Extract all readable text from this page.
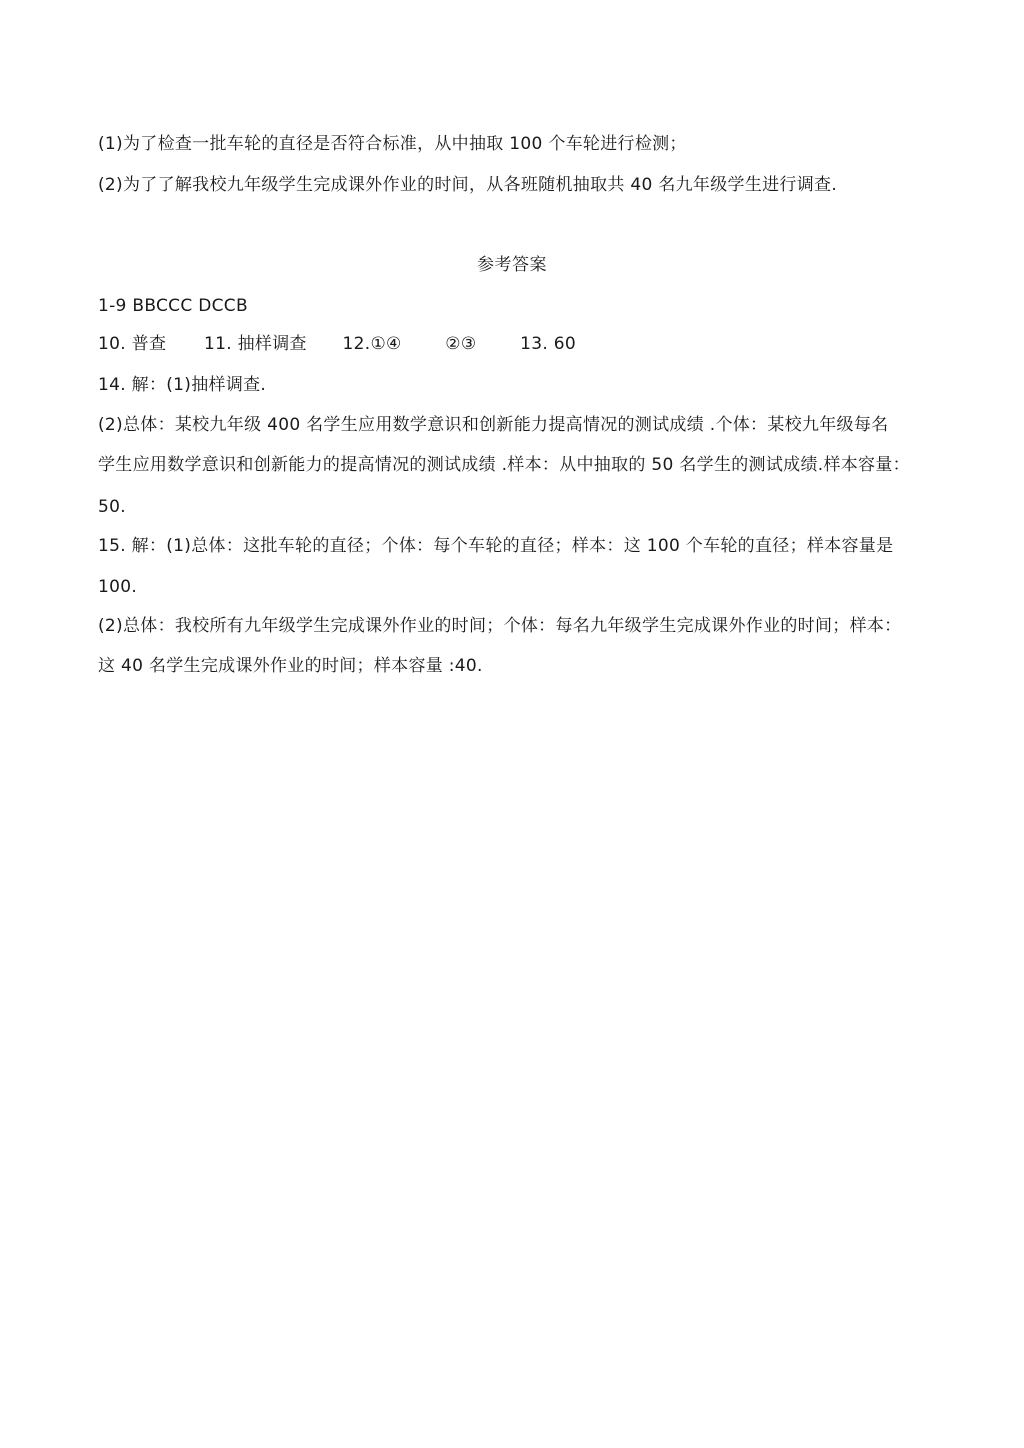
(1)为了检查一批车轮的直径是否符合标准，从中抽取 100 个车轮进行检测；
(2)为了了解我校九年级学生完成课外作业的时间，从各班随机抽取共 40 名九年级学生进行调查.
参考答案
1-9 BBCCC DCCB
10. 普查 11. 抽样调查 12.①④	②③	13. 60
14. 解：(1)抽样调查.
(2)总体：某校九年级 400 名学生应用数学意识和创新能力提高情况的测试成绩 .个体：某校九年级每名
学生应用数学意识和创新能力的提高情况的测试成绩 .样本：从中抽取的 50 名学生的测试成绩.样本容量：
50.
15. 解：(1)总体：这批车轮的直径；个体：每个车轮的直径；样本：这 100 个车轮的直径；样本容量是
100.
(2)总体：我校所有九年级学生完成课外作业的时间；个体：每名九年级学生完成课外作业的时间；样本：
这 40 名学生完成课外作业的时间；样本容量 :40.
